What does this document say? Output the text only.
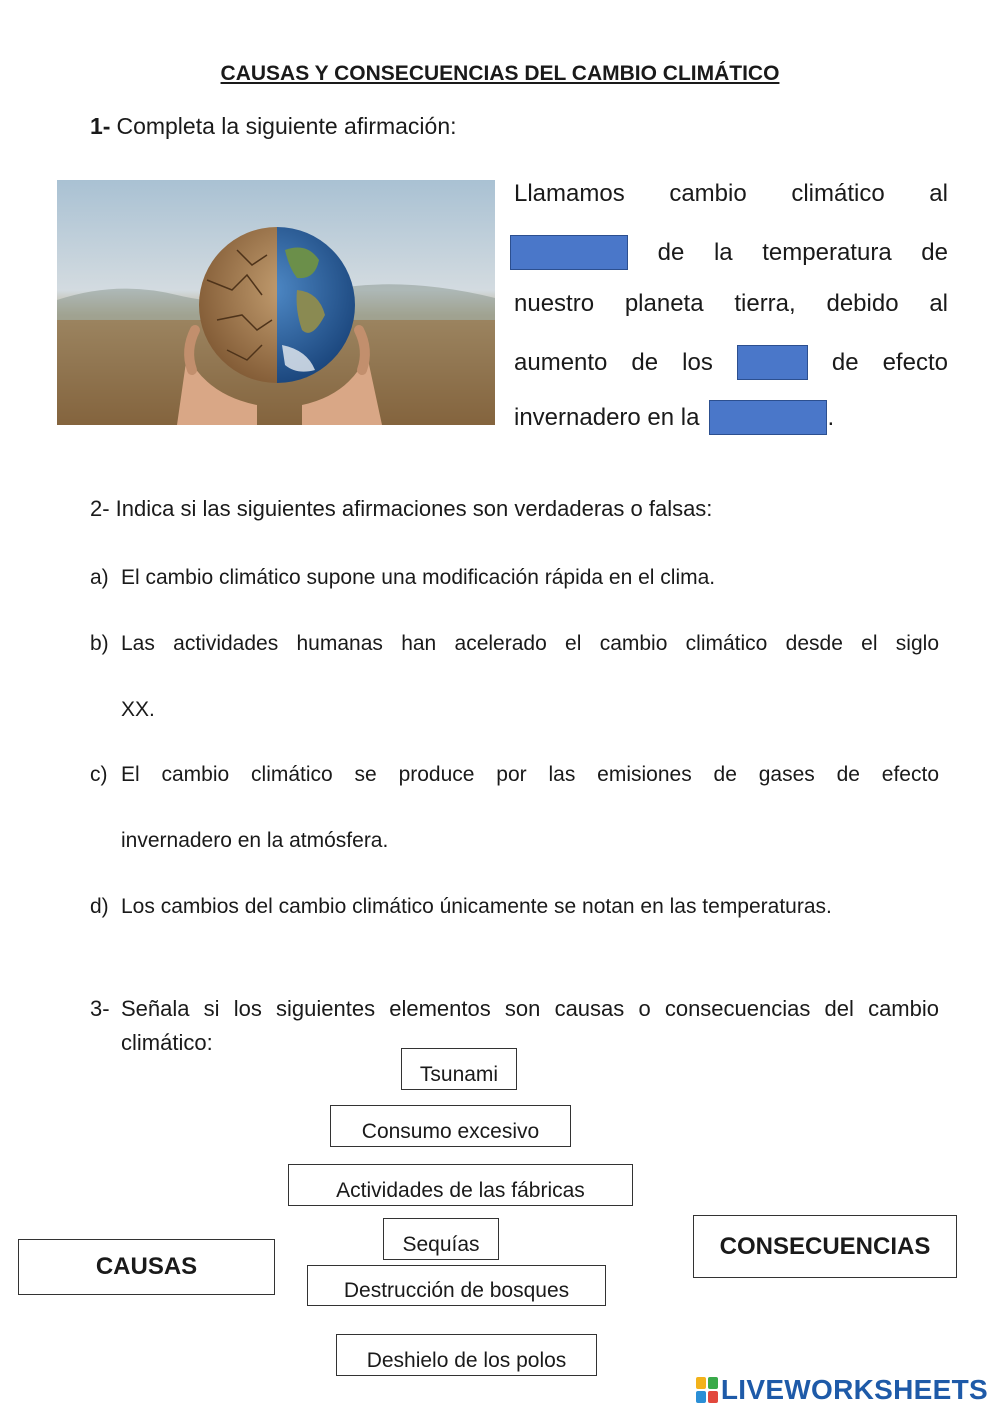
CAUSAS Y CONSECUENCIAS DEL CAMBIO CLIMÁTICO
1- Completa la siguiente afirmación:
Llamamos cambio climático al
de la temperatura de
nuestro planeta tierra, debido al
aumento de los	de efecto
invernadero en la	.
2- Indica si las siguientes afirmaciones son verdaderas o falsas:
a) El cambio climático supone una modificación rápida en el clima.
b) Las actividades humanas han acelerado el cambio climático desde el siglo
XX.
c) El cambio climático se produce por las emisiones de gases de efecto
invernadero en la atmósfera.
d) Los cambios del cambio climático únicamente se notan en las temperaturas.
3- Señala si los siguientes elementos son causas o consecuencias del cambio
climático:
Tsunami
Consumo excesivo
Actividades de las fábricas
Sequías
Destrucción de bosques
Deshielo de los polos
CAUSAS
CONSECUENCIAS
LIVEWORKSHEETS
